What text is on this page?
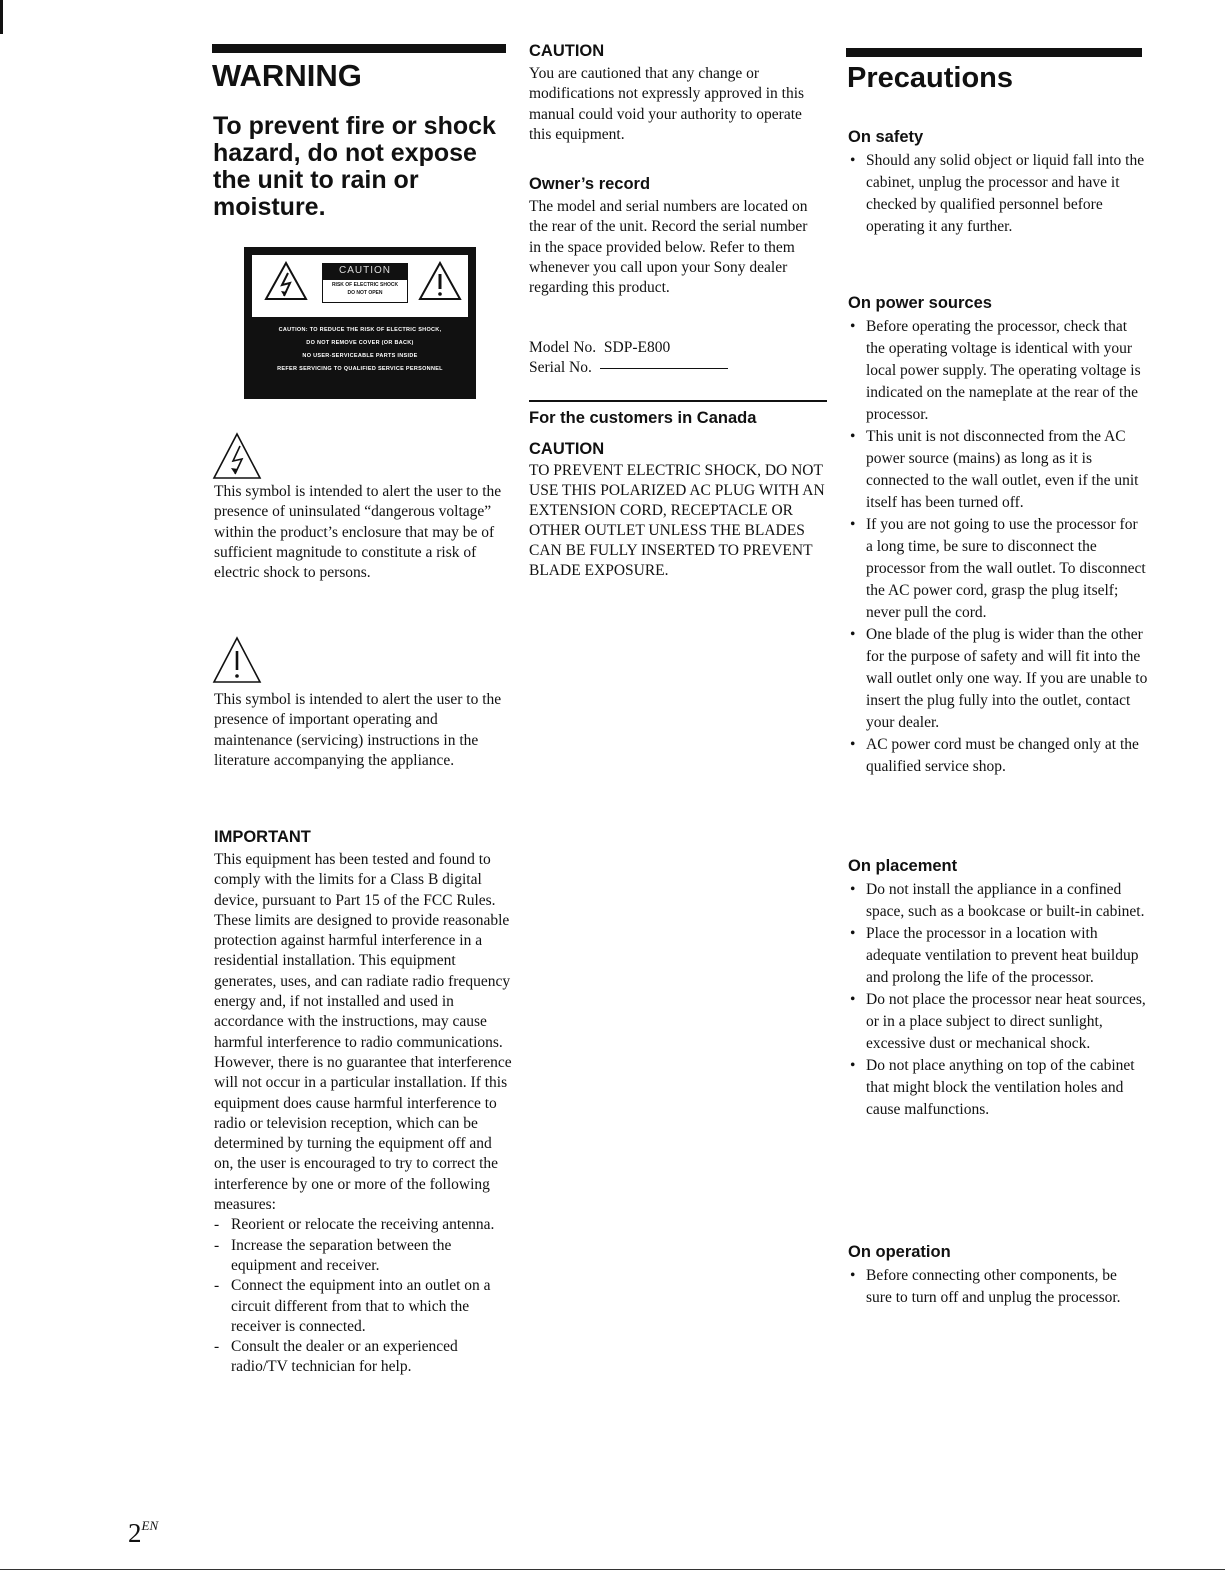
WARNING
To prevent fire or shock hazard, do not expose the unit to rain or moisture.
CAUTION
RISK OF ELECTRIC SHOCK
DO NOT OPEN
CAUTION: TO REDUCE THE RISK OF ELECTRIC SHOCK,
DO NOT REMOVE COVER (OR BACK)
NO USER-SERVICEABLE PARTS INSIDE
REFER SERVICING TO QUALIFIED SERVICE PERSONNEL

This symbol is intended to alert the user to the presence of uninsulated “dangerous voltage” within the product’s enclosure that may be of sufficient magnitude to constitute a risk of electric shock to persons.

This symbol is intended to alert the user to the presence of important operating and maintenance (servicing) instructions in the literature accompanying the appliance.

IMPORTANT
This equipment has been tested and found to comply with the limits for a Class B digital device, pursuant to Part 15 of the FCC Rules.
These limits are designed to provide reasonable protection against harmful interference in a residential installation. This equipment generates, uses, and can radiate radio frequency energy and, if not installed and used in accordance with the instructions, may cause harmful interference to radio communications. However, there is no guarantee that interference will not occur in a particular installation. If this equipment does cause harmful interference to radio or television reception, which can be determined by turning the equipment off and on, the user is encouraged to try to correct the interference by one or more of the following measures:
- Reorient or relocate the receiving antenna.
- Increase the separation between the equipment and receiver.
- Connect the equipment into an outlet on a circuit different from that to which the receiver is connected.
- Consult the dealer or an experienced radio/TV technician for help.
CAUTION

You are cautioned that any change or modifications not expressly approved in this manual could void your authority to operate this equipment.

Owner’s record

The model and serial numbers are located on the rear of the unit. Record the serial number in the space provided below. Refer to them whenever you call upon your Sony dealer regarding this product.

Model No.  SDP-E800

Serial No.

For the customers in Canada
CAUTION

TO PREVENT ELECTRIC SHOCK, DO NOT USE THIS POLARIZED AC PLUG WITH AN EXTENSION CORD, RECEPTACLE OR OTHER OUTLET UNLESS THE BLADES CAN BE FULLY INSERTED TO PREVENT BLADE EXPOSURE.

Precautions
On safety
• Should any solid object or liquid fall into the cabinet, unplug the processor and have it checked by qualified personnel before operating it any further.
On power sources
• Before operating the processor, check that the operating voltage is identical with your local power supply. The operating voltage is indicated on the nameplate at the rear of the processor.
• This unit is not disconnected from the AC power source (mains) as long as it is connected to the wall outlet, even if the unit itself has been turned off.
• If you are not going to use the processor for a long time, be sure to disconnect the processor from the wall outlet. To disconnect the AC power cord, grasp the plug itself; never pull the cord.
• One blade of the plug is wider than the other for the purpose of safety and will fit into the wall outlet only one way. If you are unable to insert the plug fully into the outlet, contact your dealer.
• AC power cord must be changed only at the qualified service shop.
On placement
• Do not install the appliance in a confined space, such as a bookcase or built-in cabinet.
• Place the processor in a location with adequate ventilation to prevent heat buildup and prolong the life of the processor.
• Do not place the processor near heat sources, or in a place subject to direct sunlight, excessive dust or mechanical shock.
• Do not place anything on top of the cabinet that might block the ventilation holes and cause malfunctions.
On operation
• Before connecting other components, be sure to turn off and unplug the processor.
$2^{EN}$
